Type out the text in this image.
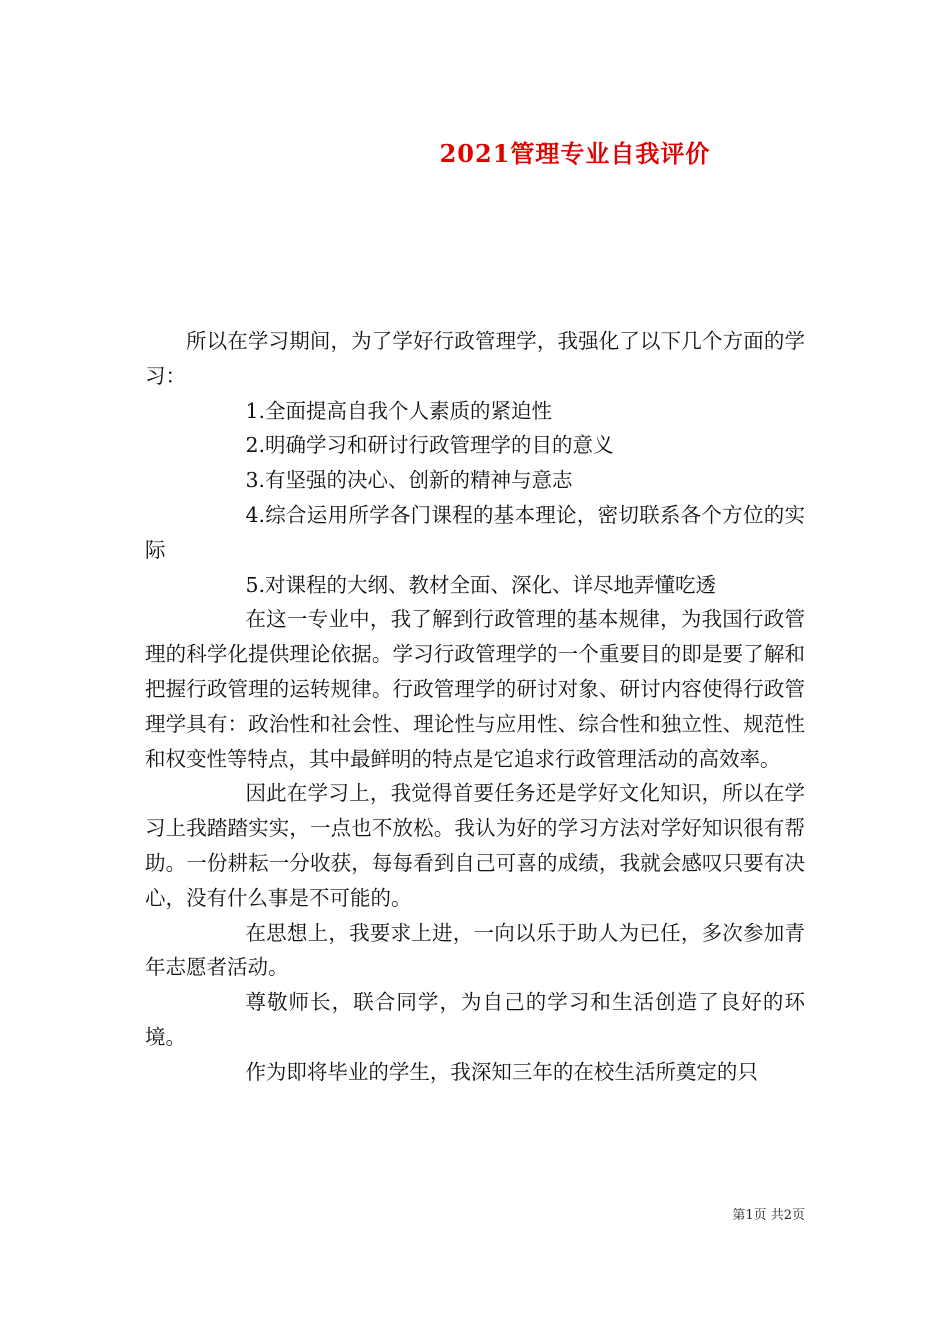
2021管理专业自我评价

所以在学习期间，为了学好行政管理学，我强化了以下几个方面的学习：

1.全面提高自我个人素质的紧迫性

2.明确学习和研讨行政管理学的目的意义

3.有坚强的决心、创新的精神与意志

4.综合运用所学各门课程的基本理论，密切联系各个方位的实际

5.对课程的大纲、教材全面、深化、详尽地弄懂吃透

在这一专业中，我了解到行政管理的基本规律，为我国行政管理的科学化提供理论依据。学习行政管理学的一个重要目的即是要了解和把握行政管理的运转规律。行政管理学的研讨对象、研讨内容使得行政管理学具有：政治性和社会性、理论性与应用性、综合性和独立性、规范性和权变性等特点，其中最鲜明的特点是它追求行政管理活动的高效率。

因此在学习上，我觉得首要任务还是学好文化知识，所以在学习上我踏踏实实，一点也不放松。我认为好的学习方法对学好知识很有帮助。一份耕耘一分收获，每每看到自己可喜的成绩，我就会感叹只要有决心，没有什么事是不可能的。

在思想上，我要求上进，一向以乐于助人为已任，多次参加青年志愿者活动。

尊敬师长，联合同学，为自己的学习和生活创造了良好的环境。

作为即将毕业的学生，我深知三年的在校生活所奠定的只

第1页 共2页
